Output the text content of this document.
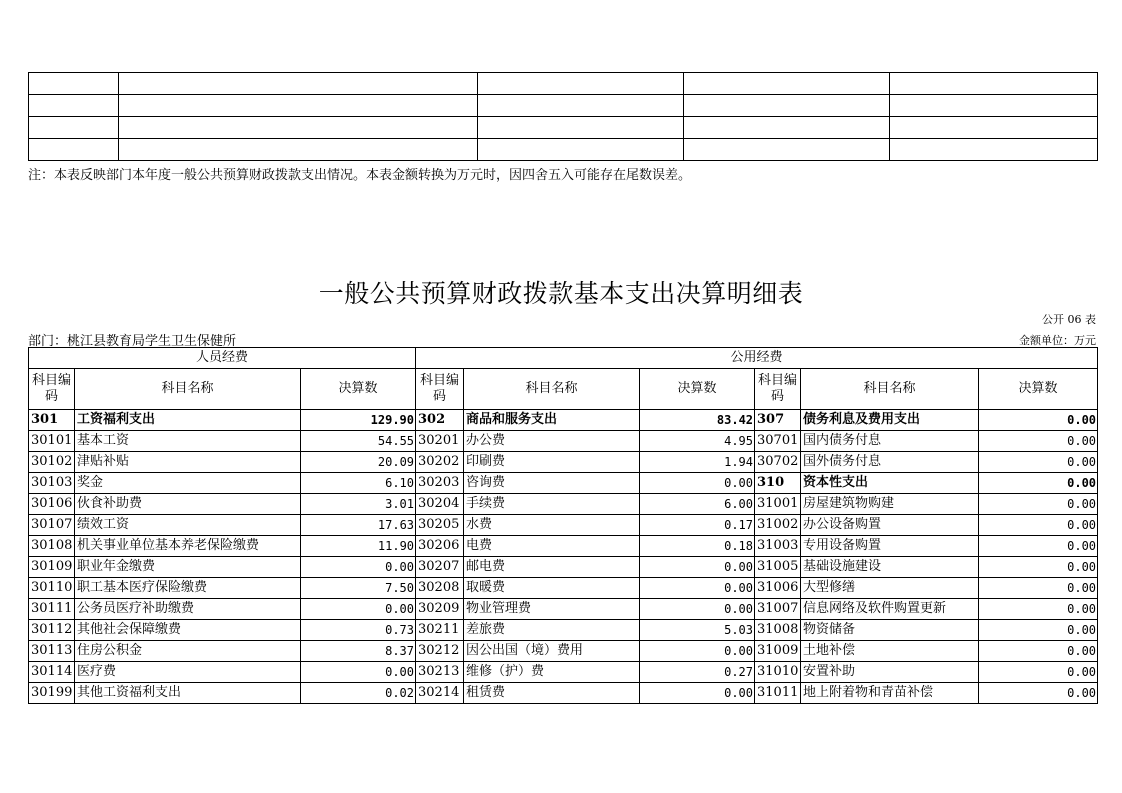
注：本表反映部门本年度一般公共预算财政拨款支出情况。本表金额转换为万元时，因四舍五入可能存在尾数误差。
一般公共预算财政拨款基本支出决算明细表
公开 06 表
部门：桃江县教育局学生卫生保健所	金额单位：万元
人员经费			公用经费					
科目编码	科目名称	决算数	科目编码	科目名称	决算数	科目编码	科目名称	决算数
301	工资福利支出	129.90	302	商品和服务支出	83.42	307	债务利息及费用支出	0.00
30101	基本工资	54.55	30201	办公费	4.95	30701	国内债务付息	0.00
30102	津贴补贴	20.09	30202	印刷费	1.94	30702	国外债务付息	0.00
30103	奖金	6.10	30203	咨询费	0.00	310	资本性支出	0.00
30106	伙食补助费	3.01	30204	手续费	6.00	31001	房屋建筑物购建	0.00
30107	绩效工资	17.63	30205	水费	0.17	31002	办公设备购置	0.00
30108	机关事业单位基本养老保险缴费	11.90	30206	电费	0.18	31003	专用设备购置	0.00
30109	职业年金缴费	0.00	30207	邮电费	0.00	31005	基础设施建设	0.00
30110	职工基本医疗保险缴费	7.50	30208	取暖费	0.00	31006	大型修缮	0.00
30111	公务员医疗补助缴费	0.00	30209	物业管理费	0.00	31007	信息网络及软件购置更新	0.00
30112	其他社会保障缴费	0.73	30211	差旅费	5.03	31008	物资储备	0.00
30113	住房公积金	8.37	30212	因公出国（境）费用	0.00	31009	土地补偿	0.00
30114	医疗费	0.00	30213	维修（护）费	0.27	31010	安置补助	0.00
30199	其他工资福利支出	0.02	30214	租赁费	0.00	31011	地上附着物和青苗补偿	0.00
